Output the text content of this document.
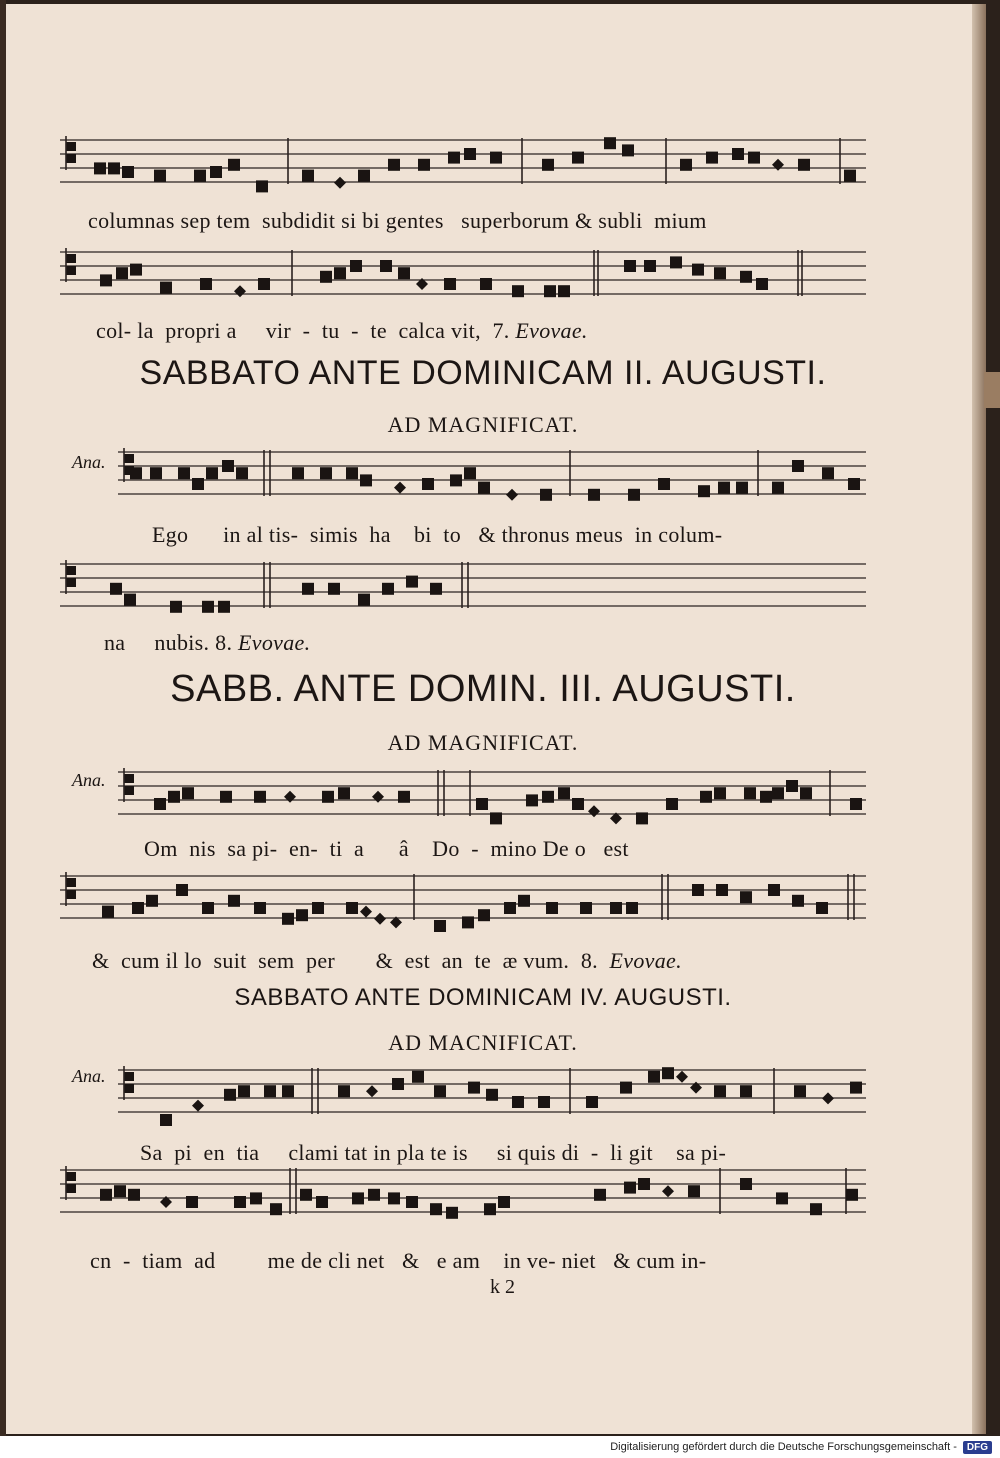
columnas sep tem  subdidit si bi gentes   superborum & subli  mium
col- la  propri a     vir  -  tu  -  te  calca vit,  7. Evovae.
Ego      in al tis-  simis  ha    bi  to   & thronus meus  in colum-
na     nubis. 8. Evovae.
Om  nis  sa pi-  en-  ti  a      â    Do  -  mino De o   est
&  cum il lo  suit  sem  per       &  est  an  te  æ vum.  8.  Evovae.
Sa  pi  en  tia     clami tat in pla te is     si quis di  -  li git    sa pi-
cn  -  tiam  ad         me de cli net   &   e am    in ve- niet   & cum in-
SABBATO ANTE DOMINICAM II. AUGUSTI.
SABB. ANTE DOMIN. III. AUGUSTI.
SABBATO ANTE DOMINICAM IV. AUGUSTI.
AD MAGNIFICAT.
AD MAGNIFICAT.
AD MACNIFICAT.
Ana.
Ana.
Ana.
k 2
Digitalisierung gefördert durch die Deutsche Forschungsgemeinschaft -	DFG
